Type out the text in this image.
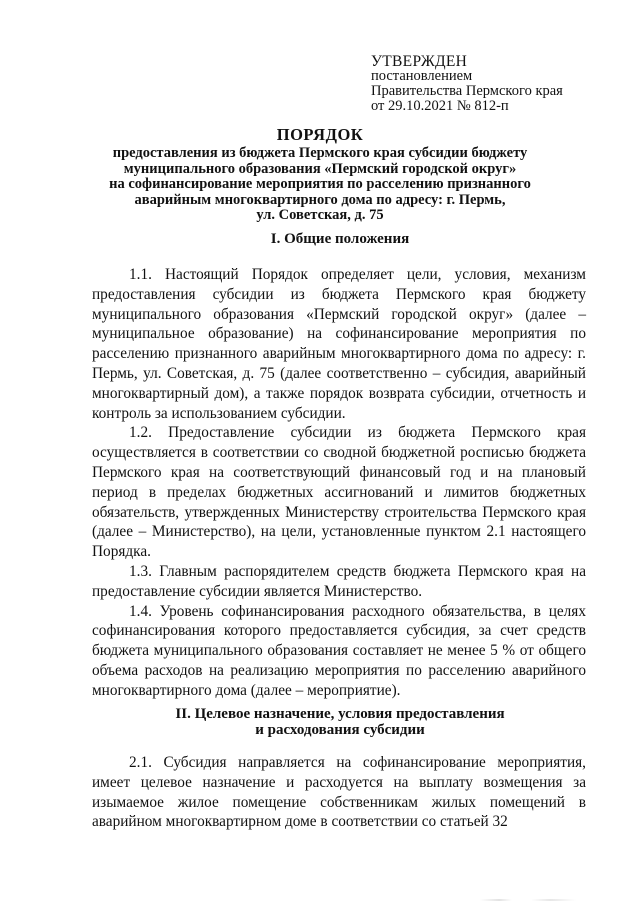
УТВЕРЖДЕН
постановлением
Правительства Пермского края
от 29.10.2021 № 812-п
ПОРЯДОК
предоставления из бюджета Пермского края субсидии бюджету
муниципального образования «Пермский городской округ»
на софинансирование мероприятия по расселению признанного
аварийным многоквартирного дома по адресу: г. Пермь,
ул. Советская, д. 75
I. Общие положения

1.1. Настоящий Порядок определяет цели, условия, механизм предоставления субсидии из бюджета Пермского края бюджету муниципального образования «Пермский городской округ» (далее – муниципальное образование) на софинансирование мероприятия по расселению признанного аварийным многоквартирного дома по адресу: г. Пермь, ул. Советская, д. 75 (далее соответственно – субсидия, аварийный многоквартирный дом), а также порядок возврата субсидии, отчетность и контроль за использованием субсидии.

1.2. Предоставление субсидии из бюджета Пермского края осуществляется в соответствии со сводной бюджетной росписью бюджета Пермского края на соответствующий финансовый год и на плановый период в пределах бюджетных ассигнований и лимитов бюджетных обязательств, утвержденных Министерству строительства Пермского края (далее – Министерство), на цели, установленные пунктом 2.1 настоящего Порядка.

1.3. Главным распорядителем средств бюджета Пермского края на предоставление субсидии является Министерство.

1.4. Уровень софинансирования расходного обязательства, в целях софинансирования которого предоставляется субсидия, за счет средств бюджета муниципального образования составляет не менее 5 % от общего объема расходов на реализацию мероприятия по расселению аварийного многоквартирного дома (далее – мероприятие).

II. Целевое назначение, условия предоставления
и расходования субсидии

2.1. Субсидия направляется на софинансирование мероприятия, имеет целевое назначение и расходуется на выплату возмещения за изымаемое жилое помещение собственникам жилых помещений в аварийном многоквартирном доме в соответствии со статьей 32
